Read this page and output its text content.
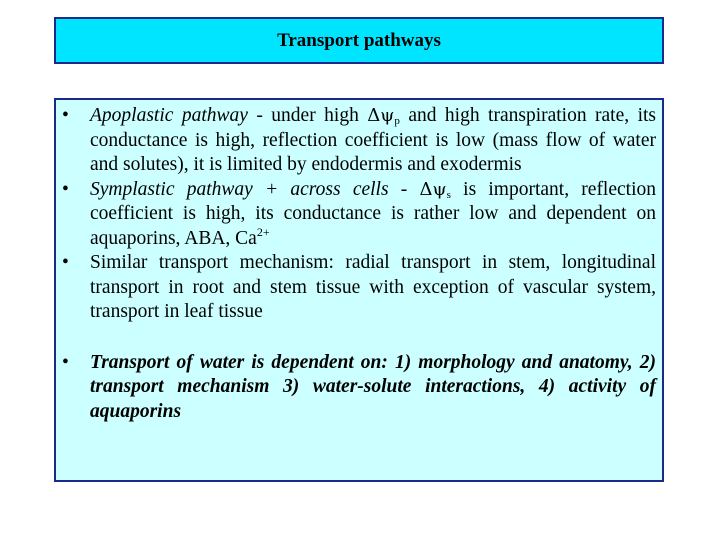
Transport pathways
• Apoplastic pathway - under high $\Delta\psi_p$ and high transpiration rate, its conductance is high, reflection coefficient is low (mass flow of water and solutes), it is limited by endodermis and exodermis
• Symplastic pathway + across cells - $\Delta\psi_s$ is important, reflection coefficient is high, its conductance is rather low and dependent on aquaporins, ABA, $Ca^{2+}$
• Similar transport mechanism: radial transport in stem, longitudinal transport in root and stem tissue with exception of vascular system, transport in leaf tissue
• Transport of water is dependent on: 1) morphology and anatomy, 2) transport mechanism 3) water-solute interactions, 4) activity of aquaporins
